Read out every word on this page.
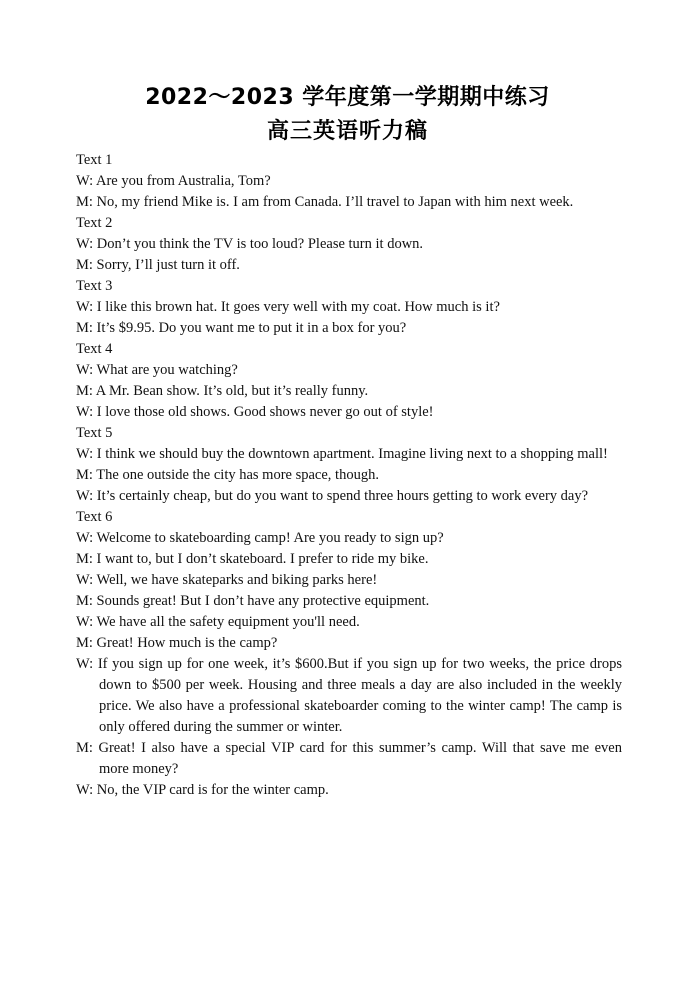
2022～2023 学年度第一学期期中练习
高三英语听力稿
Text 1
W: Are you from Australia, Tom?
M: No, my friend Mike is. I am from Canada. I’ll travel to Japan with him next week.
Text 2
W: Don’t you think the TV is too loud? Please turn it down.
M: Sorry, I’ll just turn it off.
Text 3
W: I like this brown hat. It goes very well with my coat. How much is it?
M: It’s $9.95. Do you want me to put it in a box for you?
Text 4
W: What are you watching?
M: A Mr. Bean show. It’s old, but it’s really funny.
W: I love those old shows. Good shows never go out of style!
Text 5
W: I think we should buy the downtown apartment. Imagine living next to a shopping mall!
M: The one outside the city has more space, though.
W: It’s certainly cheap, but do you want to spend three hours getting to work every day?
Text 6
W: Welcome to skateboarding camp! Are you ready to sign up?
M: I want to, but I don’t skateboard. I prefer to ride my bike.
W: Well, we have skateparks and biking parks here!
M: Sounds great! But I don’t have any protective equipment.
W: We have all the safety equipment you'll need.
M: Great! How much is the camp?
W: If you sign up for one week, it’s $600.But if you sign up for two weeks, the price drops down to $500 per week. Housing and three meals a day are also included in the weekly price. We also have a professional skateboarder coming to the winter camp! The camp is only offered during the summer or winter.
M: Great! I also have a special VIP card for this summer’s camp. Will that save me even more money?
W: No, the VIP card is for the winter camp.
